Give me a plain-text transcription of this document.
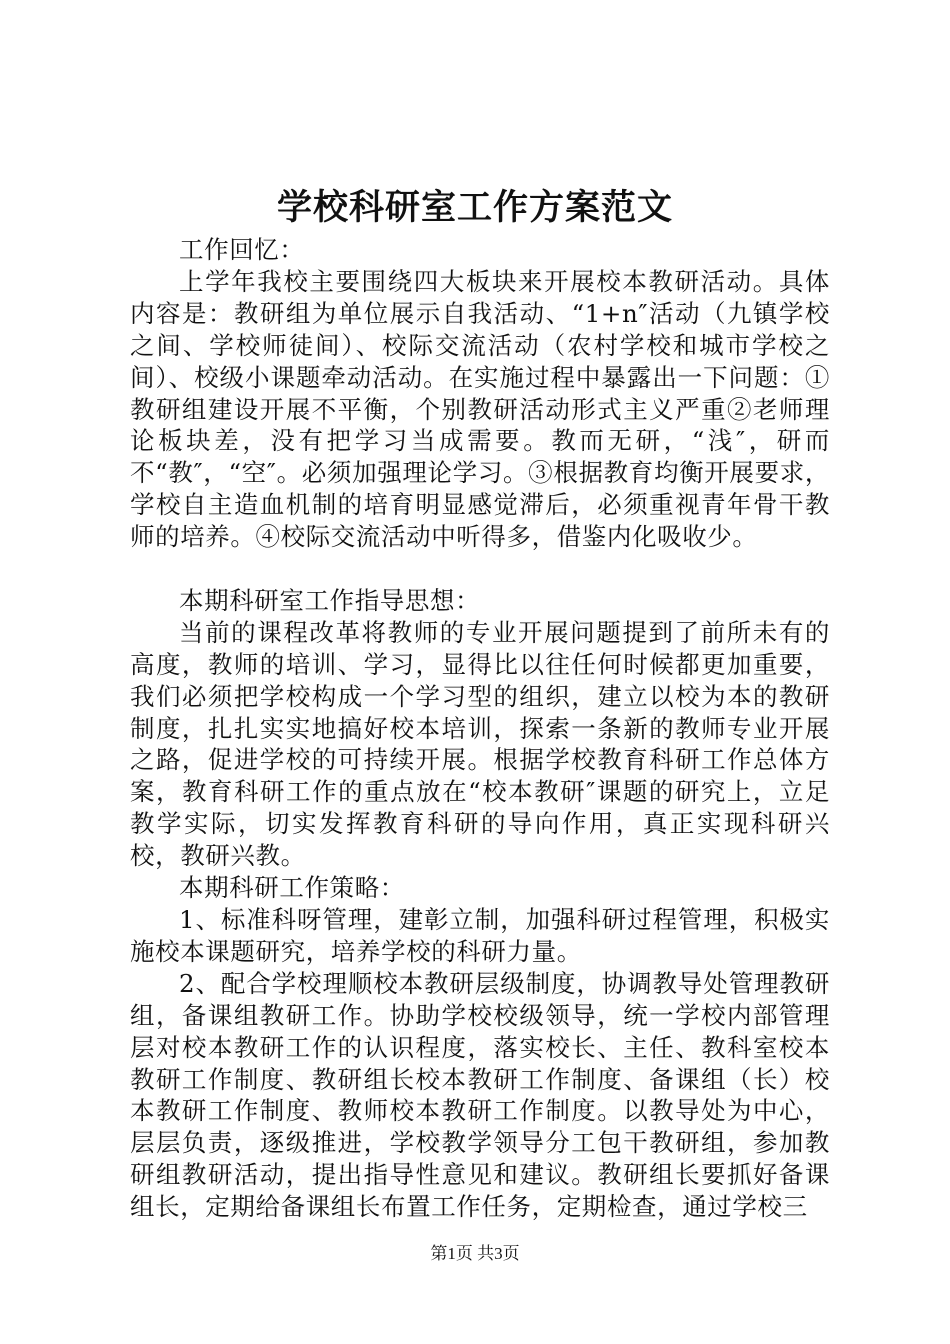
学校科研室工作方案范文

工作回忆：

上学年我校主要围绕四大板块来开展校本教研活动。具体内容是：教研组为单位展示自我活动、“1+n″活动（九镇学校之间、学校师徒间）、校际交流活动（农村学校和城市学校之间）、校级小课题牵动活动。在实施过程中暴露出一下问题：①教研组建设开展不平衡，个别教研活动形式主义严重②老师理论板块差，没有把学习当成需要。教而无研，“浅″，研而不“教″，“空″。必须加强理论学习。③根据教育均衡开展要求，学校自主造血机制的培育明显感觉滞后，必须重视青年骨干教师的培养。④校际交流活动中听得多，借鉴内化吸收少。

本期科研室工作指导思想：

当前的课程改革将教师的专业开展问题提到了前所未有的高度，教师的培训、学习，显得比以往任何时候都更加重要，我们必须把学校构成一个学习型的组织，建立以校为本的教研制度，扎扎实实地搞好校本培训，探索一条新的教师专业开展之路，促进学校的可持续开展。根据学校教育科研工作总体方案，教育科研工作的重点放在“校本教研″课题的研究上，立足教学实际，切实发挥教育科研的导向作用，真正实现科研兴校，教研兴教。

本期科研工作策略：

1、标准科呀管理，建彰立制，加强科研过程管理，积极实施校本课题研究，培养学校的科研力量。

2、配合学校理顺校本教研层级制度，协调教导处管理教研组，备课组教研工作。协助学校校级领导，统一学校内部管理层对校本教研工作的认识程度，落实校长、主任、教科室校本教研工作制度、教研组长校本教研工作制度、备课组（长）校本教研工作制度、教师校本教研工作制度。以教导处为中心，层层负责，逐级推进，学校教学领导分工包干教研组，参加教研组教研活动，提出指导性意见和建议。教研组长要抓好备课组长，定期给备课组长布置工作任务，定期检查，通过学校三

第1页 共3页
